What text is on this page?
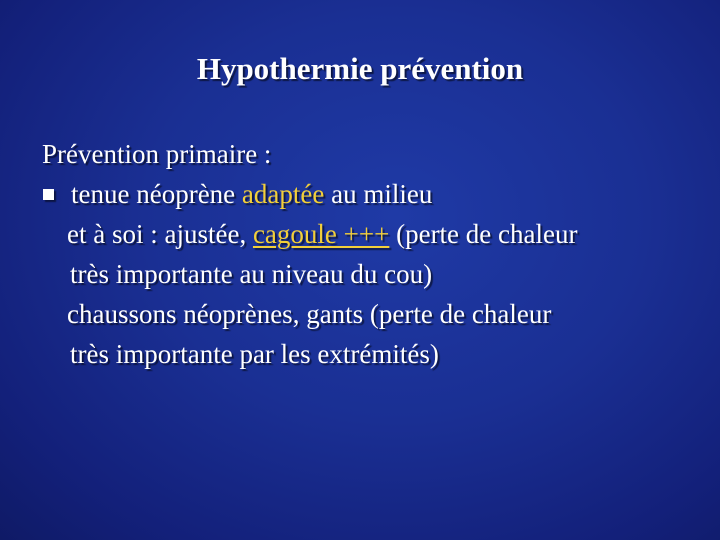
Hypothermie prévention
Prévention primaire :
tenue néoprène adaptée au milieu
et à soi : ajustée, cagoule +++ (perte de chaleur
très importante au niveau du cou)
chaussons néoprènes, gants (perte de chaleur
très importante par les extrémités)
